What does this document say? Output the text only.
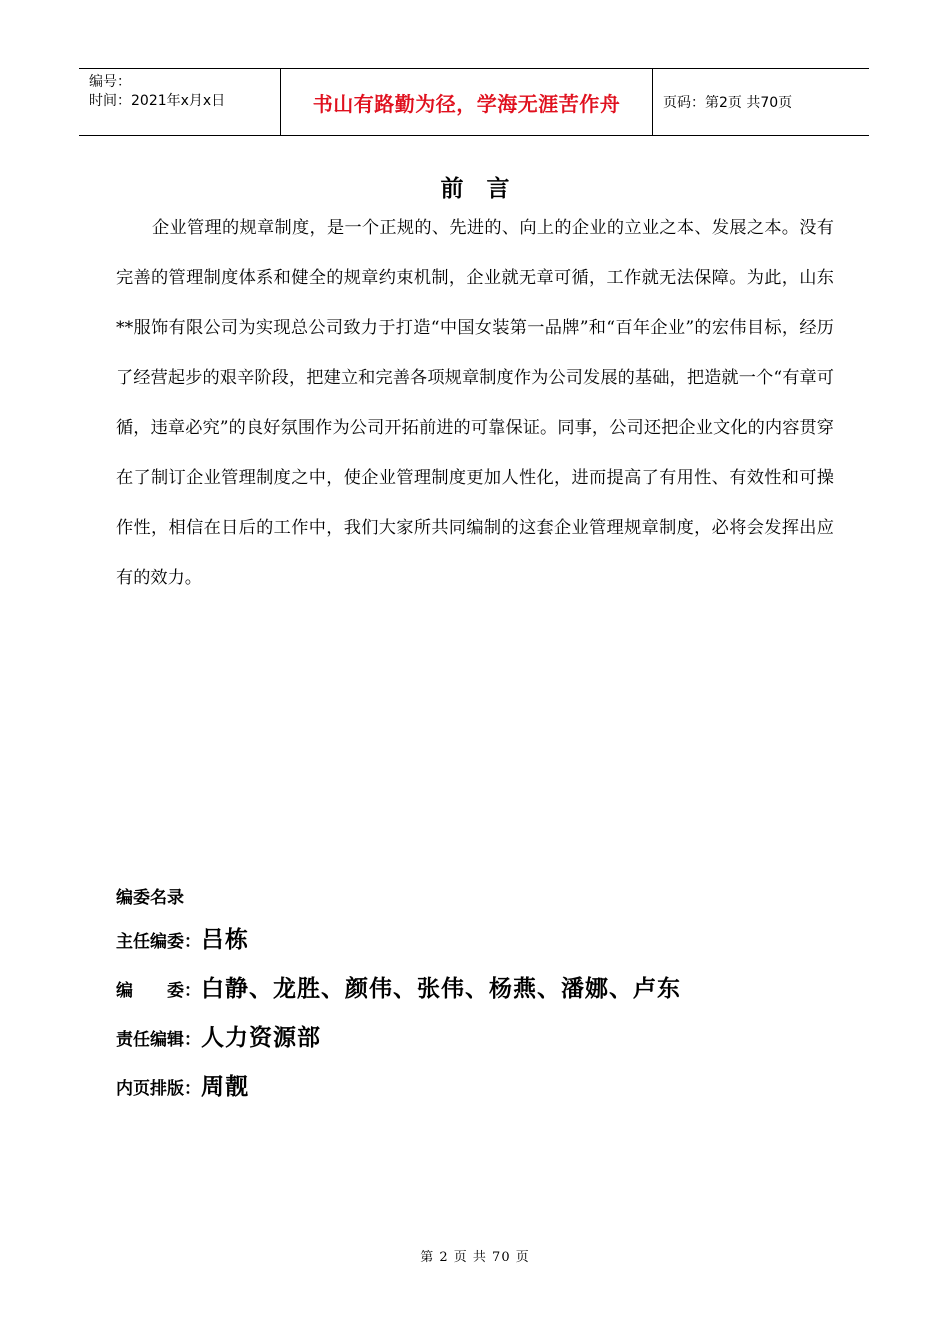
编号：
时间：2021年x月x日	书山有路勤为径，学海无涯苦作舟	页码：第2页 共70页
前　言

企业管理的规章制度，是一个正规的、先进的、向上的企业的立业之本、发展之本。没有完善的管理制度体系和健全的规章约束机制，企业就无章可循，工作就无法保障。为此，山东**服饰有限公司为实现总公司致力于打造“中国女装第一品牌”和“百年企业”的宏伟目标，经历了经营起步的艰辛阶段，把建立和完善各项规章制度作为公司发展的基础，把造就一个“有章可循，违章必究”的良好氛围作为公司开拓前进的可靠保证。同事，公司还把企业文化的内容贯穿在了制订企业管理制度之中，使企业管理制度更加人性化，进而提高了有用性、有效性和可操作性，相信在日后的工作中，我们大家所共同编制的这套企业管理规章制度，必将会发挥出应有的效力。

编委名录
主任编委： 吕栋
编　　委： 白静、龙胜、颜伟、张伟、杨燕、潘娜、卢东
责任编辑： 人力资源部
内页排版： 周靓
第 2 页 共 70 页
